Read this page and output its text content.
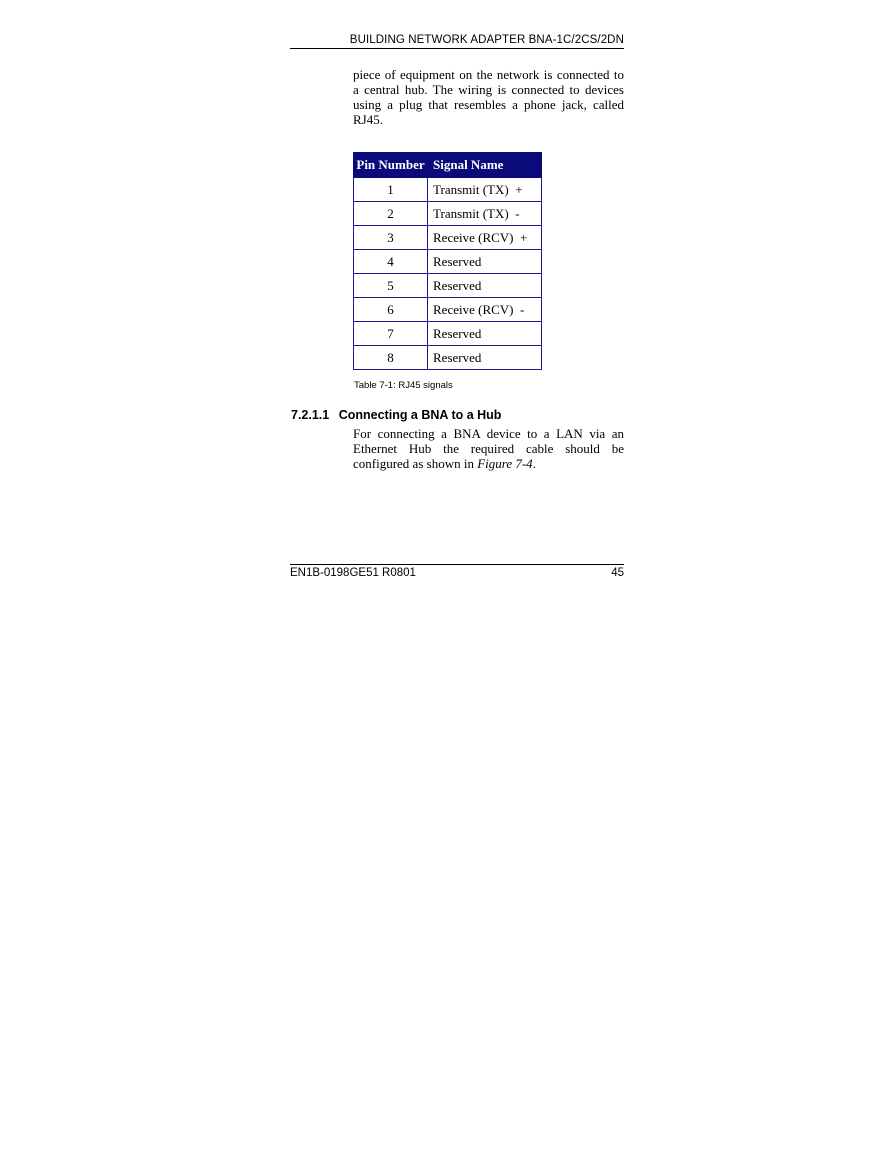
BUILDING NETWORK ADAPTER BNA-1C/2CS/2DN

piece of equipment on the network is connected to a central hub. The wiring is connected to devices using a plug that resembles a phone jack, called RJ45.

Pin Number	Signal Name
1	Transmit (TX)  +
2	Transmit (TX)  -
3	Receive (RCV)  +
4	Reserved
5	Reserved
6	Receive (RCV)  -
7	Reserved
8	Reserved
Table 7-1: RJ45 signals
7.2.1.1 Connecting a BNA to a Hub

For connecting a BNA device to a LAN via an Ethernet Hub the required cable should be configured as shown in Figure 7-4.

EN1B-0198GE51 R0801	45
